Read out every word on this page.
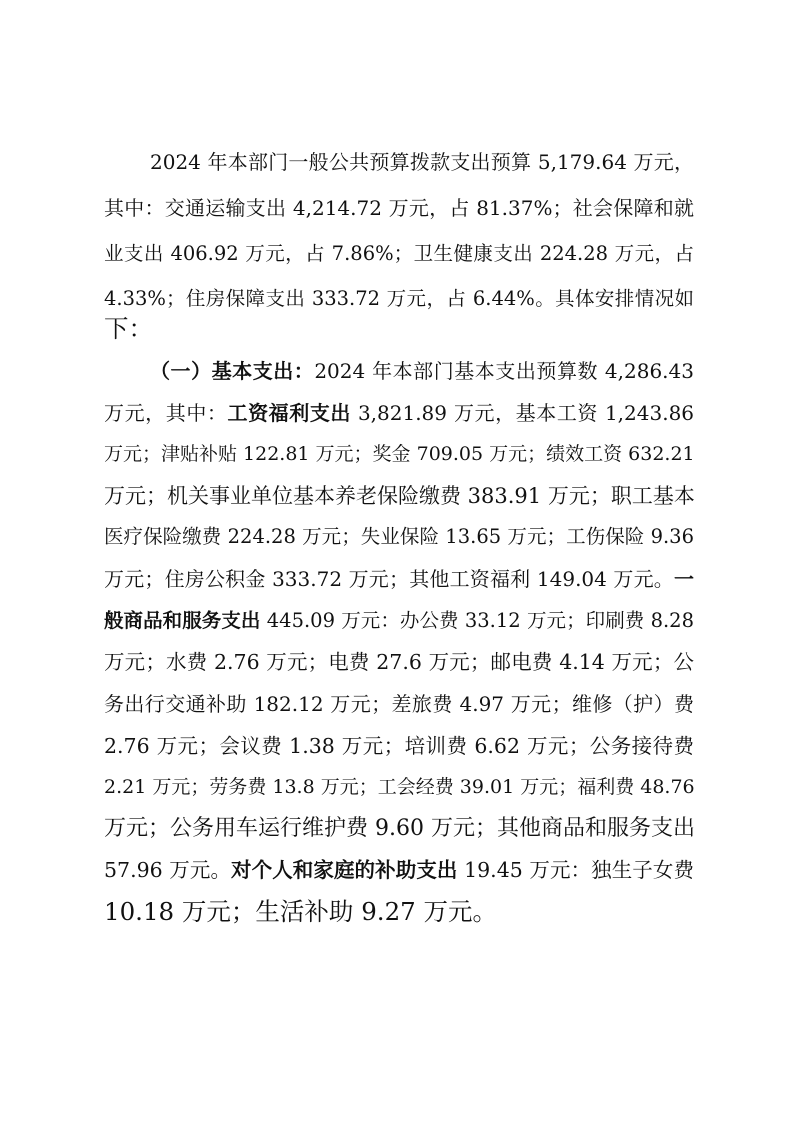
2024 年本部门一般公共预算拨款支出预算 5,179.64 万元，
其中：交通运输支出 4,214.72 万元，占 81.37%；社会保障和就
业支出 406.92 万元，占 7.86%；卫生健康支出 224.28 万元，占
4.33%；住房保障支出 333.72 万元，占 6.44%。具体安排情况如
下：
（一）基本支出：2024 年本部门基本支出预算数 4,286.43
万元，其中：工资福利支出 3,821.89 万元，基本工资 1,243.86
万元；津贴补贴 122.81 万元；奖金 709.05 万元；绩效工资 632.21
万元；机关事业单位基本养老保险缴费 383.91 万元；职工基本
医疗保险缴费 224.28 万元；失业保险 13.65 万元；工伤保险 9.36
万元；住房公积金 333.72 万元；其他工资福利 149.04 万元。一
般商品和服务支出 445.09 万元：办公费 33.12 万元；印刷费 8.28
万元；水费 2.76 万元；电费 27.6 万元；邮电费 4.14 万元；公
务出行交通补助 182.12 万元；差旅费 4.97 万元；维修（护）费
2.76 万元；会议费 1.38 万元；培训费 6.62 万元；公务接待费
2.21 万元；劳务费 13.8 万元；工会经费 39.01 万元；福利费 48.76
万元；公务用车运行维护费 9.60 万元；其他商品和服务支出
57.96 万元。对个人和家庭的补助支出 19.45 万元：独生子女费
10.18 万元；生活补助 9.27 万元。
